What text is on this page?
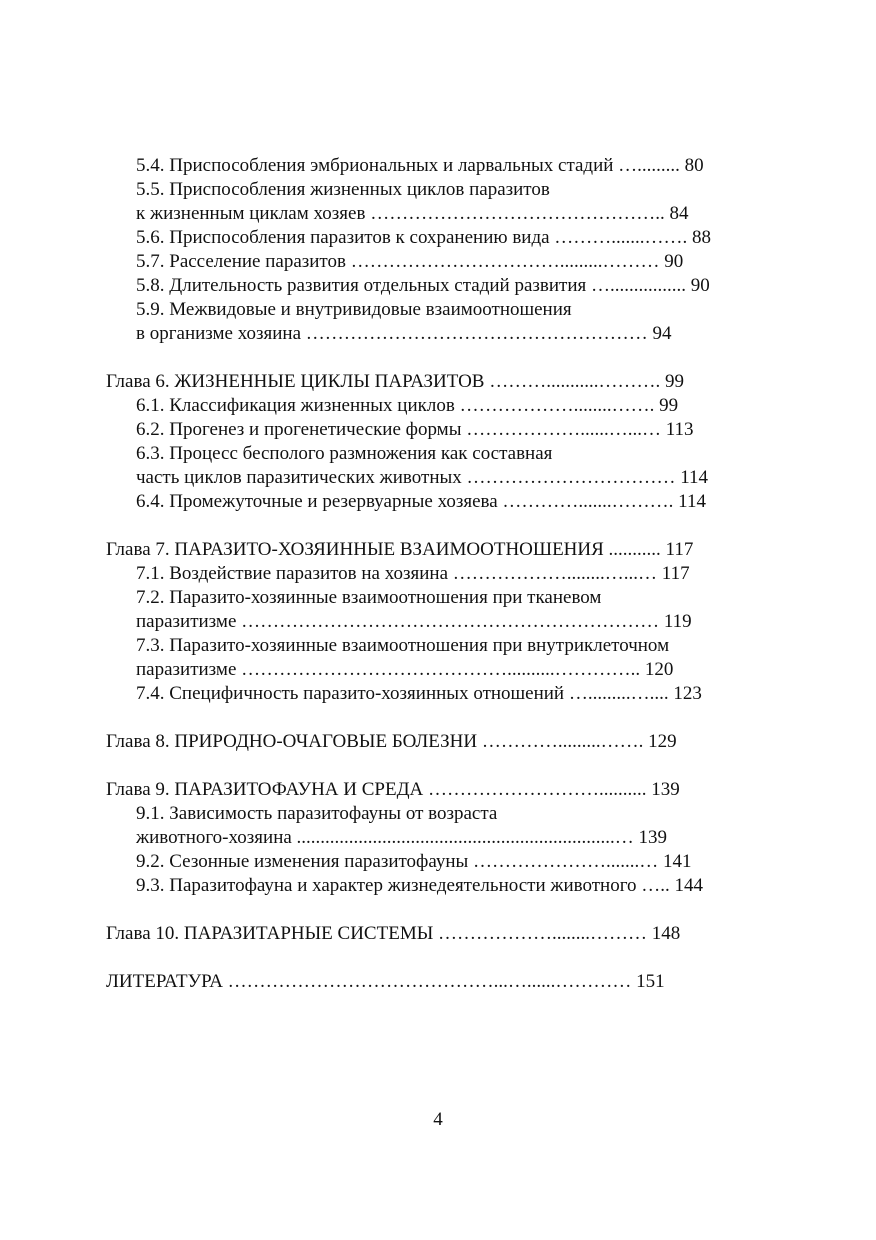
5.4. Приспособления эмбриональных и ларвальных стадий …......... 80
5.5. Приспособления жизненных циклов паразитов
к жизненным циклам хозяев ……………………………………….. 84
5.6. Приспособления паразитов к сохранению вида ……….......……. 88
5.7. Расселение паразитов …………………………….........……… 90
5.8. Длительность развития отдельных стадий развития …................ 90
5.9. Межвидовые и внутривидовые взаимоотношения
в организме хозяина ……………………………………………… 94
Глава 6. ЖИЗНЕННЫЕ ЦИКЛЫ ПАРАЗИТОВ ………...........………. 99
6.1. Классификация жизненных циклов ………………........……. 99
6.2. Прогенез и прогенетические формы ………………......…...… 113
6.3. Процесс бесполого размножения как составная
часть циклов паразитических животных …………………………… 114
6.4. Промежуточные и резервуарные хозяева ………….......………. 114
Глава 7. ПАРАЗИТО-ХОЗЯИННЫЕ ВЗАИМООТНОШЕНИЯ ........... 117
7.1. Воздействие паразитов на хозяина ………………........…...… 117
7.2. Паразито-хозяинные взаимоотношения при тканевом
паразитизме ………………………………………………………… 119
7.3. Паразито-хозяинные взаимоотношения при внутриклеточном
паразитизме ……………………………………..........………….. 120
7.4. Специфичность паразито-хозяинных отношений ….........….... 123
Глава 8. ПРИРОДНО-ОЧАГОВЫЕ БОЛЕЗНИ ………….........……. 129
Глава 9. ПАРАЗИТОФАУНА И СРЕДА ……………………….......... 139
9.1. Зависимость паразитофауны от возраста
животного-хозяина ...................................................................… 139
9.2. Сезонные изменения паразитофауны ………………….......… 141
9.3. Паразитофауна и характер жизнедеятельности животного ….. 144
Глава 10. ПАРАЗИТАРНЫЕ СИСТЕМЫ ………………........……… 148
ЛИТЕРАТУРА ……………………………………...…......………… 151
4
